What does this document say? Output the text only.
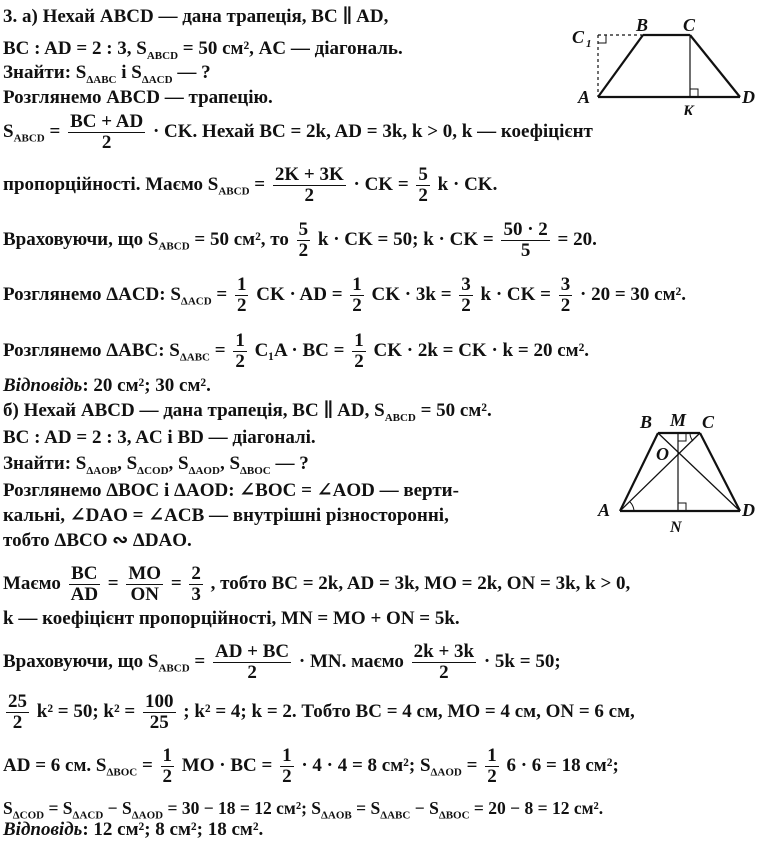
3. а) Нехай ABCD — дана трапеція, BC ∥ AD,
BC : AD = 2 : 3, $S_{ABCD} = 50$ см², AC — діагональ.
Знайти: $S_{\Delta ABC}$ і $S_{\Delta ACD}$ — ?
Розглянемо ABCD — трапецію.
$S_{ABCD} = \frac{BC + AD}{2}$ · CK. Нехай BC = 2k, AD = 3k, k > 0, k — коефіцієнт
пропорційності. Маємо $S_{ABCD} = \frac{2K + 3K}{2}$ · CK = $\frac{5}{2}$ k · CK.
Враховуючи, що $S_{ABCD} = 50$ см², то $\frac{5}{2}$ k · CK = 50; k · CK = $\frac{50 \cdot 2}{5} = 20$.
Розглянемо ΔACD: $S_{\Delta ACD} = \frac{1}{2}$ CK · AD = $\frac{1}{2}$ CK · $3k = \frac{3}{2}$ k · CK = $\frac{3}{2} \cdot 20 = 30$ см².
Розглянемо ΔABC: $S_{\Delta ABC} = \frac{1}{2} C_1A$ · BC = $\frac{1}{2}$ CK · 2k = CK · k = 20 см².
Відповідь: 20 см²; 30 см².
б) Нехай ABCD — дана трапеція, BC ∥ AD, $S_{ABCD} = 50$ см².
BC : AD = 2 : 3, AC і BD — діагоналі.
Знайти: $S_{\Delta AOB}$, $S_{\Delta COD}$, $S_{\Delta AOD}$, $S_{\Delta BOC}$ — ?
Розглянемо ΔBOC і ΔAOD: ∠BOC = ∠AOD — верти-
кальні, ∠DAO = ∠ACB — внутрішні різносторонні,
тобто ΔBCO ∾ ΔDAO.
Маємо $\frac{BC}{AD} = \frac{MO}{ON} = \frac{2}{3}$ , тобто BC = 2k, AD = 3k, MO = 2k, ON = 3k, k > 0,
k — коефіцієнт пропорційності, MN = MO + ON = 5k.
Враховуючи, що $S_{ABCD} = \frac{AD + BC}{2}$ · MN. маємо $\frac{2k + 3k}{2} \cdot 5k = 50$;
$\frac{25}{2} k^2 = 50$; $k^2 = \frac{100}{25}$ ; k² = 4; k = 2. Тобто BC = 4 см, MO = 4 см, ON = 6 см,
AD = 6 см. $S_{\Delta BOC} = \frac{1}{2}$ MO · BC = $\frac{1}{2} \cdot 4 \cdot 4 = 8$ см²; $S_{\Delta AOD} = \frac{1}{2} 6 \cdot 6 = 18$ см²;
$S_{\Delta COD} = S_{\Delta ACD} - S_{\Delta AOD} = 30 - 18 = 12$ см²; $S_{\Delta AOB} = S_{\Delta ABC} - S_{\Delta BOC} = 20 - 8 = 12$ см².
Відповідь: 12 см²; 8 см²; 18 см².
A
B C
D
K
C 1
B M C
O
A	D
N
